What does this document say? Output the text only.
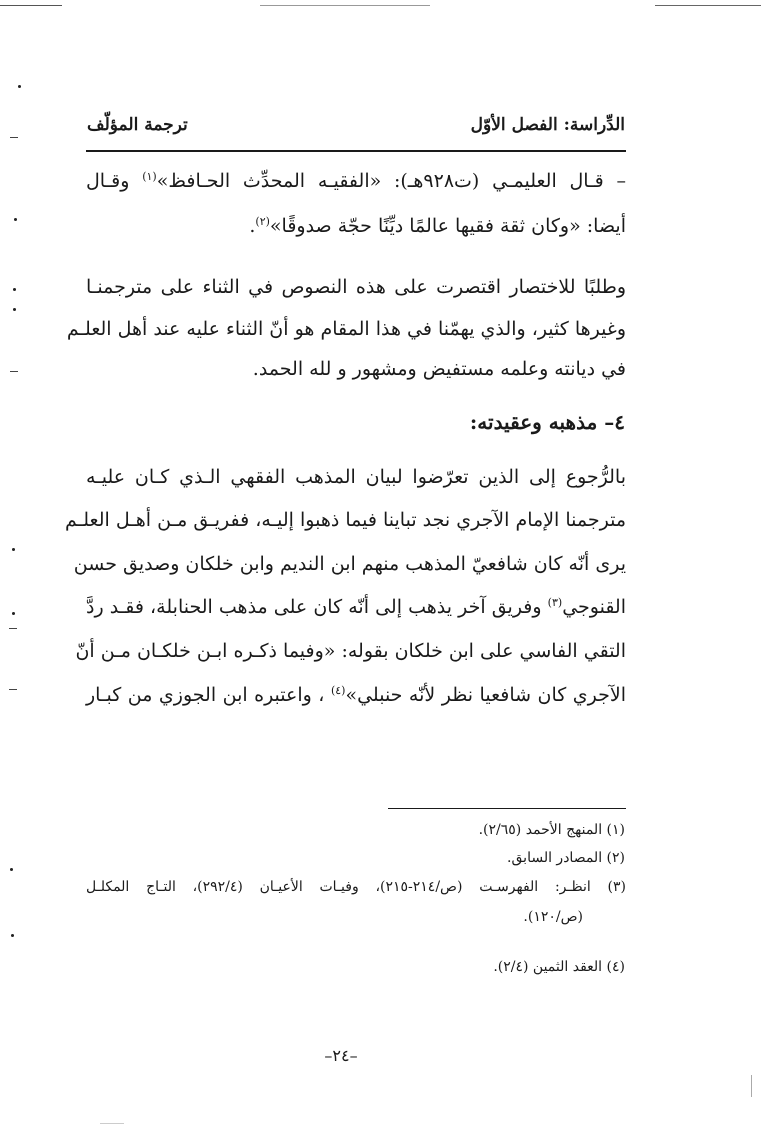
الدِّراسة: الفصل الأوّل
ترجمة المؤلّف
– قـال العليمـي (ت٩٢٨هـ): «الفقيـه المحدِّث الحـافظ»$^{(١)}$ وقـال
أيضا: «وكان ثقة فقيها عالمًا ديِّنًا حجّة صدوقًا»$^{(٢)}$.
وطلبًا للاختصار اقتصرت على هذه النصوص في الثناء على مترجمنـا
وغيرها كثير، والذي يهمّنا في هذا المقام هو أنّ الثناء عليه عند أهل العلـم
في ديانته وعلمه مستفيض ومشهور و لله الحمد.
٤– مذهبه وعقيدته:
بالرُّجوع إلى الذين تعرّضوا لبيان المذهب الفقهي الـذي كـان عليـه
مترجمنا الإمام الآجري نجد تباينا فيما ذهبوا إليـه، ففريـق مـن أهـل العلـم
يرى أنّه كان شافعيّ المذهب منهم ابن النديم وابن خلكان وصديق حسن
القنوجي$^{(٣)}$ وفريق آخر يذهب إلى أنّه كان على مذهب الحنابلة، فقـد ردَّ
التقي الفاسي على ابن خلكان بقوله: «وفيما ذكـره ابـن خلكـان مـن أنّ
الآجري كان شافعيا نظر لأنّه حنبلي»$^{(٤)}$ ، واعتبره ابن الجوزي من كبـار
(١) المنهج الأحمد (٢/٦٥).
(٢) المصادر السابق.
(٣) انظـر: الفهرسـت (ص/٢١٤-٢١٥)، وفيـات الأعيـان (٢٩٢/٤)، التـاج المكلـل
(ص/١٢٠).
(٤) العقد الثمين (٢/٤).
–٢٤–
